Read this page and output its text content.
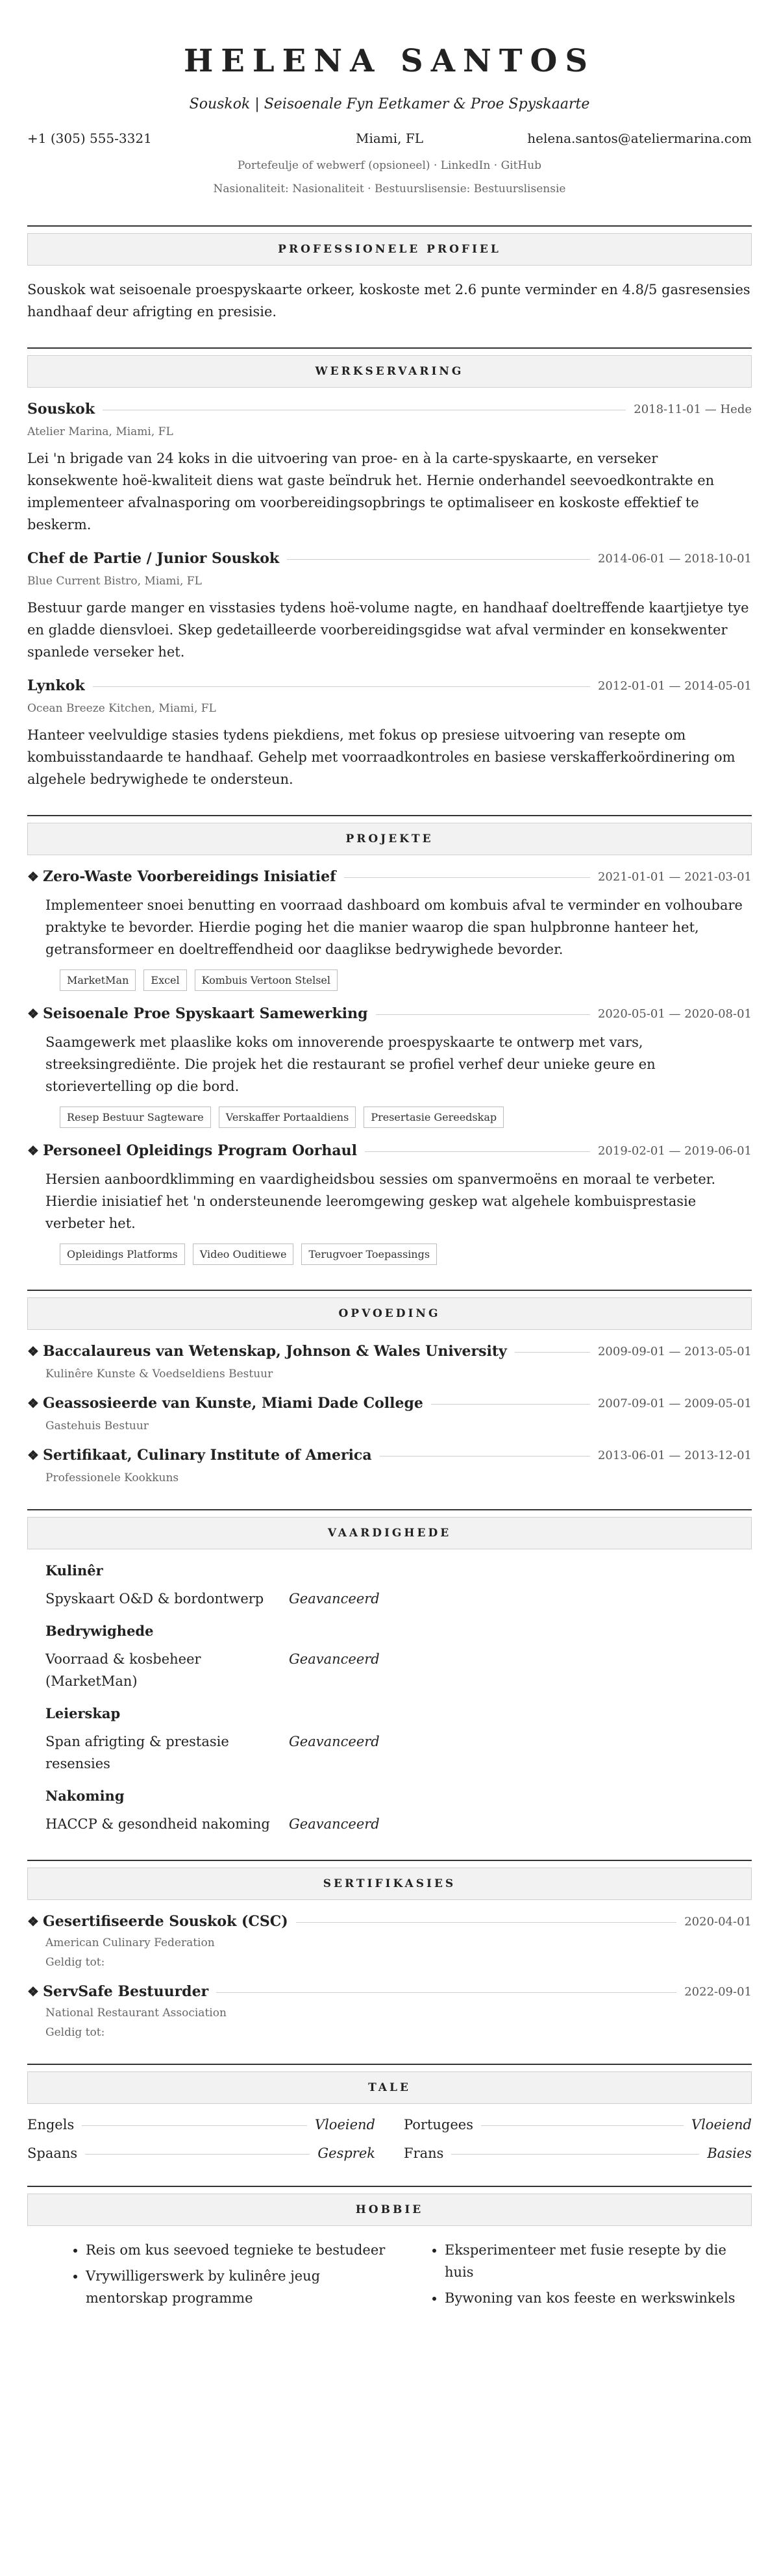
HELENA SANTOS
Souskok | Seisoenale Fyn Eetkamer & Proe Spyskaarte
+1 (305) 555-3321	Miami, FL	helena.santos@ateliermarina.com
Portefeulje of webwerf (opsioneel) · LinkedIn · GitHub
Nasionaliteit: Nasionaliteit · Bestuurslisensie: Bestuurslisensie
PROFESSIONELE PROFIEL

Souskok wat seisoenale proespyskaarte orkeer, koskoste met 2.6 punte verminder en 4.8/5 gasresensies handhaaf deur afrigting en presisie.

WERKSERVARING
Souskok	2018-11-01 — Hede
Atelier Marina, Miami, FL

Lei 'n brigade van 24 koks in die uitvoering van proe- en à la carte-spyskaarte, en verseker konsekwente hoë-kwaliteit diens wat gaste beïndruk het. Hernie onderhandel seevoedkontrakte en implementeer afvalnasporing om voorbereidingsopbrings te optimaliseer en koskoste effektief te beskerm.

Chef de Partie / Junior Souskok	2014-06-01 — 2018-10-01
Blue Current Bistro, Miami, FL

Bestuur garde manger en visstasies tydens hoë-volume nagte, en handhaaf doeltreffende kaartjietye tye en gladde diensvloei. Skep gedetailleerde voorbereidingsgidse wat afval verminder en konsekwenter spanlede verseker het.

Lynkok	2012-01-01 — 2014-05-01
Ocean Breeze Kitchen, Miami, FL

Hanteer veelvuldige stasies tydens piekdiens, met fokus op presiese uitvoering van resepte om kombuisstandaarde te handhaaf. Gehelp met voorraadkontroles en basiese verskafferkoördinering om algehele bedrywighede te ondersteun.

PROJEKTE
❖ Zero-Waste Voorbereidings Inisiatief	2021-01-01 — 2021-03-01

Implementeer snoei benutting en voorraad dashboard om kombuis afval te verminder en volhoubare praktyke te bevorder. Hierdie poging het die manier waarop die span hulpbronne hanteer het, getransformeer en doeltreffendheid oor daaglikse bedrywighede bevorder.

MarketMan	Excel	Kombuis Vertoon Stelsel
❖ Seisoenale Proe Spyskaart Samewerking	2020-05-01 — 2020-08-01

Saamgewerk met plaaslike koks om innoverende proespyskaarte te ontwerp met vars, streeksingrediënte. Die projek het die restaurant se profiel verhef deur unieke geure en storievertelling op die bord.

Resep Bestuur Sagteware	Verskaffer Portaaldiens	Presertasie Gereedskap
❖ Personeel Opleidings Program Oorhaul	2019-02-01 — 2019-06-01

Hersien aanboordklimming en vaardigheidsbou sessies om spanvermoëns en moraal te verbeter. Hierdie inisiatief het 'n ondersteunende leeromgewing geskep wat algehele kombuisprestasie verbeter het.

Opleidings Platforms	Video Ouditiewe	Terugvoer Toepassings
OPVOEDING
❖ Baccalaureus van Wetenskap, Johnson & Wales University	2009-09-01 — 2013-05-01
Kulinêre Kunste & Voedseldiens Bestuur
❖ Geassosieerde van Kunste, Miami Dade College	2007-09-01 — 2009-05-01
Gastehuis Bestuur
❖ Sertifikaat, Culinary Institute of America	2013-06-01 — 2013-12-01
Professionele Kookkuns
VAARDIGHEDE
Kulinêr
Spyskaart O&D & bordontwerp	Geavanceerd
Bedrywighede
Voorraad & kosbeheer (MarketMan)
Geavanceerd
Leierskap
Span afrigting & prestasie resensies
Geavanceerd
Nakoming
HACCP & gesondheid nakoming	Geavanceerd
SERTIFIKASIES
❖ Gesertifiseerde Souskok (CSC)	2020-04-01
American Culinary Federation
Geldig tot:
❖ ServSafe Bestuurder	2022-09-01
National Restaurant Association
Geldig tot:
TALE
Engels	Vloeiend Portugees	Vloeiend
Spaans	Gesprek Frans	Basies
HOBBIE
• Reis om kus seevoed tegnieke te bestudeer
• Vrywilligerswerk by kulinêre jeug mentorskap programme
• Eksperimenteer met fusie resepte by die huis
• Bywoning van kos feeste en werkswinkels
